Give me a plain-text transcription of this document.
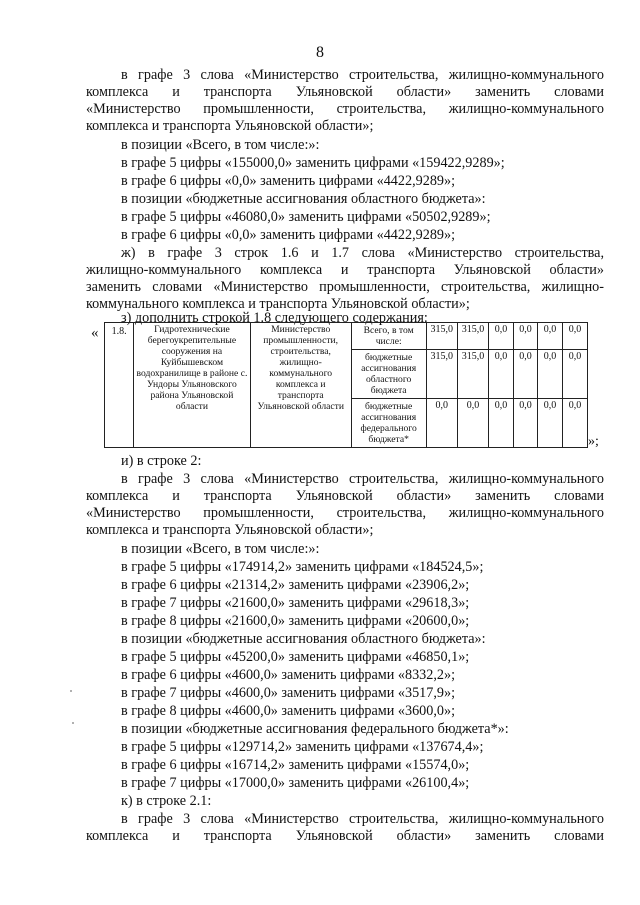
8
в графе 3 слова «Министерство строительства, жилищно-коммунального
комплекса и транспорта Ульяновской области» заменить словами
«Министерство промышленности, строительства, жилищно-коммунального
комплекса и транспорта Ульяновской области»;
в позиции «Всего, в том числе:»:
в графе 5 цифры «155000,0» заменить цифрами «159422,9289»;
в графе 6 цифры «0,0» заменить цифрами «4422,9289»;
в позиции «бюджетные ассигнования областного бюджета»:
в графе 5 цифры «46080,0» заменить цифрами «50502,9289»;
в графе 6 цифры «0,0» заменить цифрами «4422,9289»;
ж) в графе 3 строк 1.6 и 1.7 слова «Министерство строительства,
жилищно-коммунального комплекса и транспорта Ульяновской области»
заменить словами «Министерство промышленности, строительства, жилищно-
коммунального комплекса и транспорта Ульяновской области»;
з) дополнить строкой 1.8 следующего содержания:
« 1.8.	Гидротехнические берегоукрепительные сооружения на Куйбышевском водохранилище в районе с. Ундоры Ульяновского района Ульяновской области	Министерство промышленности, строительства, жилищно-коммунального комплекса и транспорта Ульяновской области	Всего, в том числе:	315,0	315,0	0,0	0,0	0,0	0,0
			бюджетные ассигнования областного бюджета	315,0	315,0	0,0	0,0	0,0	0,0
			бюджетные ассигнования федерального бюджета*	0,0	0,0	0,0	0,0	0,0	0,0
»;
и) в строке 2:
в графе 3 слова «Министерство строительства, жилищно-коммунального
комплекса и транспорта Ульяновской области» заменить словами
«Министерство промышленности, строительства, жилищно-коммунального
комплекса и транспорта Ульяновской области»;
в позиции «Всего, в том числе:»:
в графе 5 цифры «174914,2» заменить цифрами «184524,5»;
в графе 6 цифры «21314,2» заменить цифрами «23906,2»;
в графе 7 цифры «21600,0» заменить цифрами «29618,3»;
в графе 8 цифры «21600,0» заменить цифрами «20600,0»;
в позиции «бюджетные ассигнования областного бюджета»:
в графе 5 цифры «45200,0» заменить цифрами «46850,1»;
в графе 6 цифры «4600,0» заменить цифрами «8332,2»;
в графе 7 цифры «4600,0» заменить цифрами «3517,9»;
в графе 8 цифры «4600,0» заменить цифрами «3600,0»;
в позиции «бюджетные ассигнования федерального бюджета*»:
в графе 5 цифры «129714,2» заменить цифрами «137674,4»;
в графе 6 цифры «16714,2» заменить цифрами «15574,0»;
в графе 7 цифры «17000,0» заменить цифрами «26100,4»;
к) в строке 2.1:
в графе 3 слова «Министерство строительства, жилищно-коммунального
комплекса и транспорта Ульяновской области» заменить словами
